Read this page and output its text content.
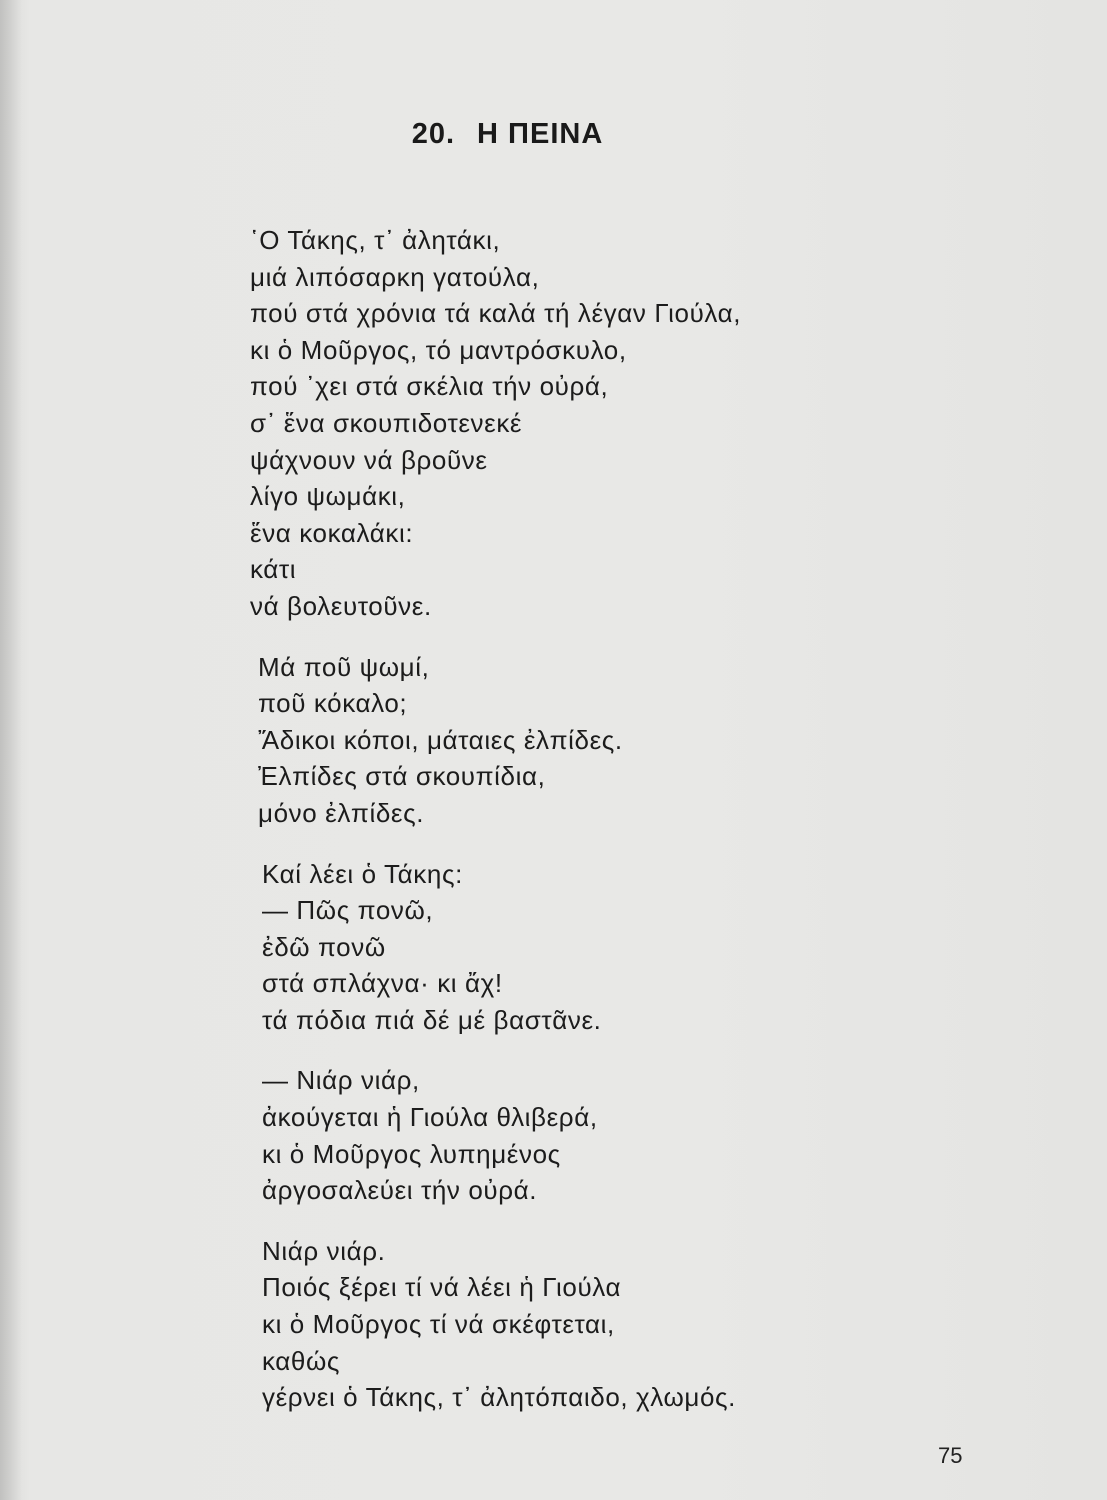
20. Η ΠΕΙΝΑ
῾Ο Τάκης, τ᾿ ἀλητάκι,
μιά λιπόσαρκη γατούλα,
πού στά χρόνια τά καλά τή λέγαν Γιούλα,
κι ὁ Μοῦργος, τό μαντρόσκυλο,
πού ᾿χει στά σκέλια τήν οὐρά,
σ᾿ ἕνα σκουπιδοτενεκέ
ψάχνουν νά βροῦνε
λίγο ψωμάκι,
ἕνα κοκαλάκι:
κάτι
νά βολευτοῦνε.
Μά ποῦ ψωμί,
ποῦ κόκαλο;
Ἄδικοι κόποι, μάταιες ἐλπίδες.
Ἐλπίδες στά σκουπίδια,
μόνο ἐλπίδες.
Καί λέει ὁ Τάκης:
— Πῶς πονῶ,
ἐδῶ πονῶ
στά σπλάχνα· κι ἄχ!
τά πόδια πιά δέ μέ βαστᾶνε.
— Νιάρ νιάρ,
ἀκούγεται ἡ Γιούλα θλιβερά,
κι ὁ Μοῦργος λυπημένος
ἀργοσαλεύει τήν οὐρά.
Νιάρ νιάρ.
Ποιός ξέρει τί νά λέει ἡ Γιούλα
κι ὁ Μοῦργος τί νά σκέφτεται,
καθώς
γέρνει ὁ Τάκης, τ᾿ ἀλητόπαιδο, χλωμός.
75
